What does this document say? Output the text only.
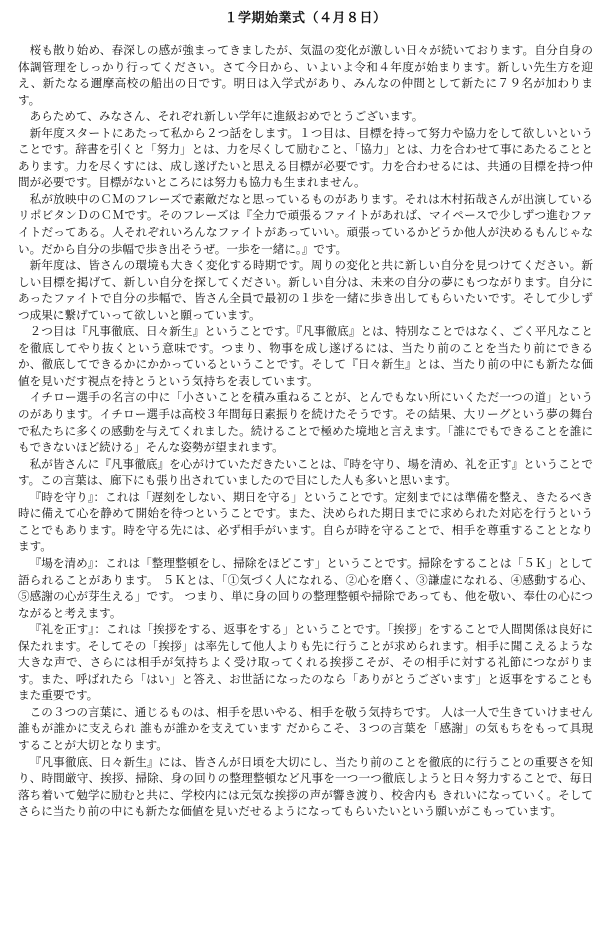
１学期始業式（４月８日）

桜も散り始め、春深しの感が強まってきましたが、気温の変化が激しい日々が続いております。自分自身の体調管理をしっかり行ってください。さて今日から、いよいよ令和４年度が始まります。新しい先生方を迎え、新たなる邇摩高校の船出の日です。明日は入学式があり、みんなの仲間として新たに７９名が加わります。

あらためて、みなさん、それぞれ新しい学年に進級おめでとうございます。

新年度スタートにあたって私から２つ話をします。１つ目は、目標を持って努力や協力をして欲しいということです。辞書を引くと「努力」とは、力を尽くして励むこと、「協力」とは、力を合わせて事にあたることとあります。力を尽くすには、成し遂げたいと思える目標が必要です。力を合わせるには、共通の目標を持つ仲間が必要です。目標がないところには努力も協力も生まれません。

私が放映中のＣＭのフレーズで素敵だなと思っているものがあります。それは木村拓哉さんが出演しているリポビタンＤのＣＭです。そのフレーズは『全力で頑張るファイトがあれば、マイペースで少しずつ進むファイトだってある。人それぞれいろんなファイトがあっていい。頑張っているかどうか他人が決めるもんじゃない。だから自分の歩幅で歩き出そうぜ。一歩を一緒に。』です。

新年度は、皆さんの環境も大きく変化する時期です。周りの変化と共に新しい自分を見つけてください。新しい目標を掲げて、新しい自分を探してください。新しい自分は、未来の自分の夢にもつながります。自分にあったファイトで自分の歩幅で、皆さん全員で最初の１歩を一緒に歩き出してもらいたいです。そして少しずつ成果に繋げていって欲しいと願っています。

２つ目は『凡事徹底、日々新生』ということです。『凡事徹底』とは、特別なことではなく、ごく平凡なことを徹底してやり抜くという意味です。つまり、物事を成し遂げるには、当たり前のことを当たり前にできるか、徹底してできるかにかかっているということです。そして『日々新生』とは、当たり前の中にも新たな価値を見いだす視点を持とうという気持ちを表しています。

イチロー選手の名言の中に「小さいことを積み重ねることが、とんでもない所にいくただ一つの道」というのがあります。イチロー選手は高校３年間毎日素振りを続けたそうです。その結果、大リーグという夢の舞台で私たちに多くの感動を与えてくれました。続けることで極めた境地と言えます。「誰にでもできることを誰にもできないほど続ける」そんな姿勢が望まれます。

私が皆さんに『凡事徹底』を心がけていただきたいことは、『時を守り、場を清め、礼を正す』ということです。この言葉は、廊下にも張り出されていましたので目にした人も多いと思います。

『時を守り』：これは「遅刻をしない、期日を守る」ということです。定刻までには準備を整え、きたるべき時に備えて心を静めて開始を待つということです。また、決められた期日までに求められた対応を行うということでもあります。時を守る先には、必ず相手がいます。自らが時を守ることで、相手を尊重することとなります。

『場を清め』：これは「整理整頓をし、掃除をほどこす」ということです。掃除をすることは「５Ｋ」として語られることがあります。 ５Ｋとは、「①気づく人になれる、②心を磨く、③謙虚になれる、④感動する心、⑤感謝の心が芽生える」です。 つまり、単に身の回りの整理整頓や掃除であっても、他を敬い、奉仕の心につながると考えます。

『礼を正す』：これは「挨拶をする、返事をする」ということです。「挨拶」をすることで人間関係は良好に保たれます。そしてその「挨拶」は率先して他人よりも先に行うことが求められます。相手に聞こえるような 大きな声で、さらには相手が気持ちよく受け取ってくれる挨拶こそが、その相手に対する礼節につながります。また、呼ばれたら「はい」と答え、お世話になったのなら「ありがとうございます」と返事をすることもまた重要です。

この３つの言葉に、通じるものは、相手を思いやる、相手を敬う気持ちです。 人は一人で生きていけません 誰もが誰かに支えられ 誰もが誰かを支えています だからこそ、３つの言葉を「感謝」の気もちをもって具現することが大切となります。

『凡事徹底、日々新生』には、皆さんが日頃を大切にし、当たり前のことを徹底的に行うことの重要さを知り、時間厳守、挨拶、掃除、身の回りの整理整頓など凡事を一つ一つ徹底しようと日々努力することで、毎日落ち着いて勉学に励むと共に、学校内には元気な挨拶の声が響き渡り、校舎内も きれいになっていく。そしてさらに当たり前の中にも新たな価値を見いだせるようになってもらいたいという願いがこもっています。
